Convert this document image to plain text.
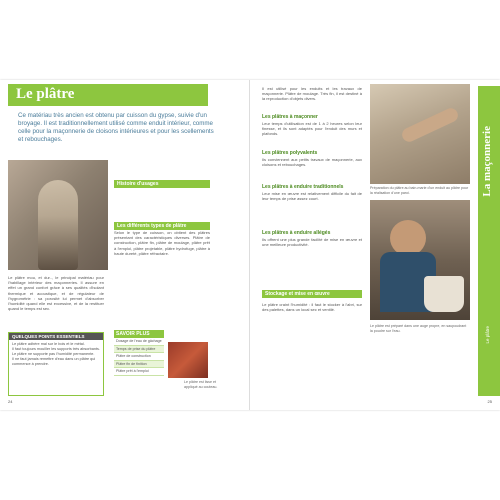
Le plâtre
Ce matériau très ancien est obtenu par cuisson du gypse, suivie d'un broyage. Il est traditionnellement utilisé comme enduit intérieur, comme celle pour la maçonnerie de cloisons intérieures et pour les scellements et rebouchages.
Histoire d'usages
Les différents types de plâtre
Le plâtre mou, et dur.., le principal matériau pour l'habillage intérieur des maçonneries. Il assure en effet un grand confort grâce à ses qualités d'isolant thermique et acoustique, et de régulateur de l'hygrométrie : sa porosité lui permet d'absorber l'humidité quand elle est excessive, et de la restituer quand le temps est sec.
Selon le type de cuisson, on obtient des plâtres présentant des caractéristiques diverses. Plâtre de construction, plâtre fin, plâtre de moulage, plâtre prêt à l'emploi, plâtre projetable, plâtre hydrofuge, plâtre à haute dureté, plâtre réfractaire.
QUELQUES POINTS ESSENTIELS
Le plâtre adhère mal sur le bois et le métal.
Il faut toujours mouiller les supports très absorbants.
Le plâtre ne supporte pas l'humidité permanente.
Il ne faut jamais remettre d'eau dans un plâtre qui commence à prendre.
SAVOIR PLUS
Dosage de l'eau de gâchage
Temps de prise du plâtre
Plâtre de construction
Plâtre fin de finition
Plâtre prêt à l'emploi
Le plâtre est lisse et appliqué au couteau.
24
Il est utilisé pour les enduits et les travaux de maçonnerie. Plâtre de moulage. Très fin, il est destiné à la reproduction d'objets divers.
Les plâtres à maçonner
Leur temps d'utilisation est de 1 à 2 heures selon leur finesse, et ils sont adaptés pour l'enduit des murs et plafonds.
Les plâtres polyvalents
Ils conviennent aux petits travaux de maçonnerie, aux cloisons et rebouchages.
Les plâtres à enduire traditionnels
Leur mise en œuvre est relativement difficile du fait de leur temps de prise assez court.
Les plâtres à enduire allégés
Ils offrent une plus grande facilité de mise en œuvre et une meilleure productivité.
Stockage et mise en œuvre
Le plâtre craint l'humidité : il faut le stocker à l'abri, sur des palettes, dans un local sec et ventilé.
Préparation du plâtre au bain-marie d'un enduit au plâtre pour la réalisation d'une paroi.
Le plâtre est préparé dans une auge propre, en saupoudrant la poudre sur l'eau.
La maçonnerie
Le plâtre
25
